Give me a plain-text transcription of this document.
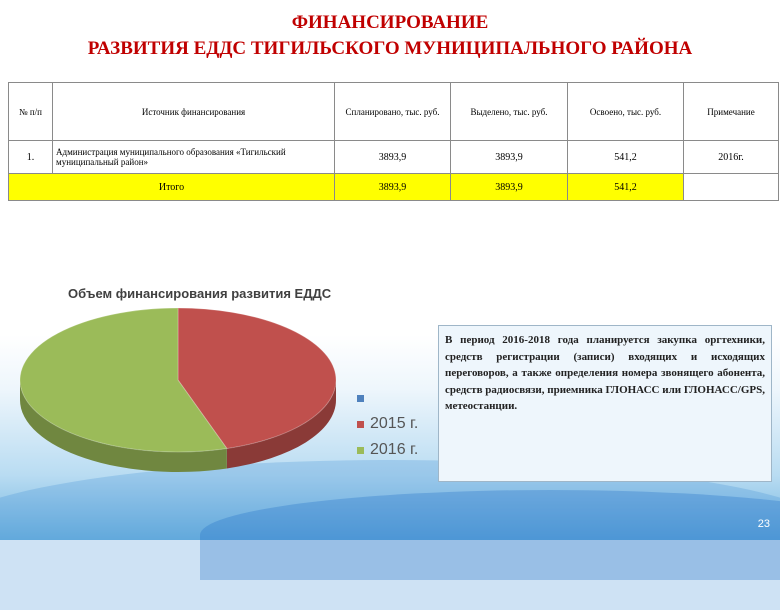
ФИНАНСИРОВАНИЕ
РАЗВИТИЯ ЕДДС ТИГИЛЬСКОГО МУНИЦИПАЛЬНОГО РАЙОНА
№ п/п	Источник финансирования	Спланировано, тыс. руб.	Выделено, тыс. руб.	Освоено, тыс. руб.	Примечание
1.	Администрация муниципального образования «Тигильский муниципальный район»	3893,9	3893,9	541,2	2016г.
Итого		3893,9	3893,9	541,2	
Объем финансирования развития ЕДДС
2015 г.
2016 г.
В период 2016-2018 года планируется закупка оргтехники, средств регистрации (записи) входящих и исходящих переговоров, а также определения номера звонящего абонента, средств радиосвязи, приемника ГЛОНАСС или ГЛОНАСС/GPS, метеостанции.
23
